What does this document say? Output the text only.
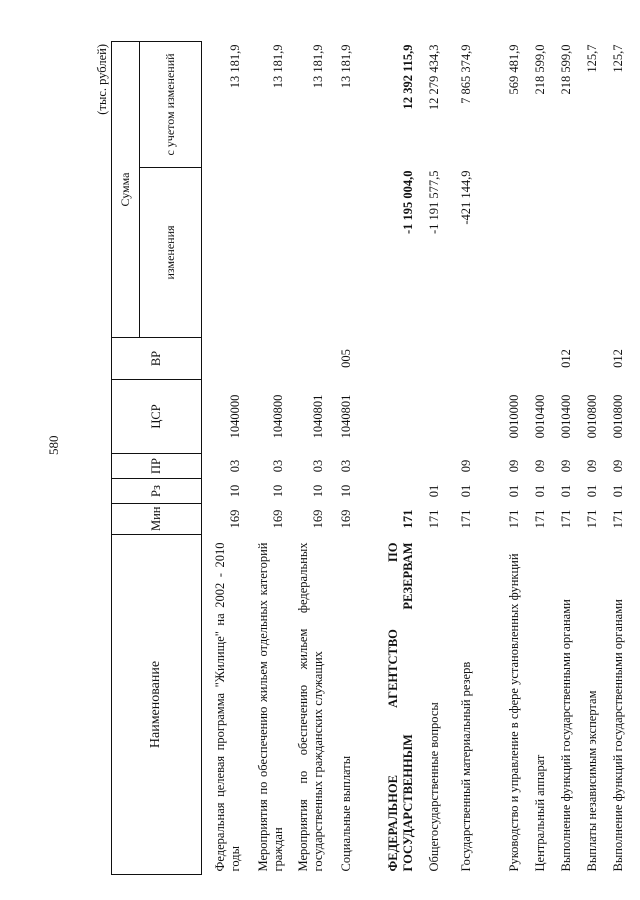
580
(тыс. рублей)
Наименование	Мин	Рз	ПР	ЦСР	ВР	Сумма	
						изменения	с учетом изменений
Федеральная целевая программа "Жилище" на 2002 - 2010 годы	169	10	03	1040000			13 181,9
Мероприятия по обеспечению жильем отдельных категорий граждан	169	10	03	1040800			13 181,9
Мероприятия по обеспечению жильем федеральных государственных гражданских служащих	169	10	03	1040801			13 181,9
Социальные выплаты	169	10	03	1040801	005		13 181,9
ФЕДЕРАЛЬНОЕ АГЕНТСТВО ПО ГОСУДАРСТВЕННЫМ РЕЗЕРВАМ	171					-1 195 004,0	12 392 115,9
Общегосударственные вопросы	171	01				-1 191 577,5	12 279 434,3
Государственный материальный резерв	171	01	09			-421 144,9	7 865 374,9
Руководство и управление в сфере установленных функций	171	01	09	0010000			569 481,9
Центральный аппарат	171	01	09	0010400			218 599,0
Выполнение функций государственными органами	171	01	09	0010400	012		218 599,0
Выплаты независимым экспертам	171	01	09	0010800			125,7
Выполнение функций государственными органами	171	01	09	0010800	012		125,7
